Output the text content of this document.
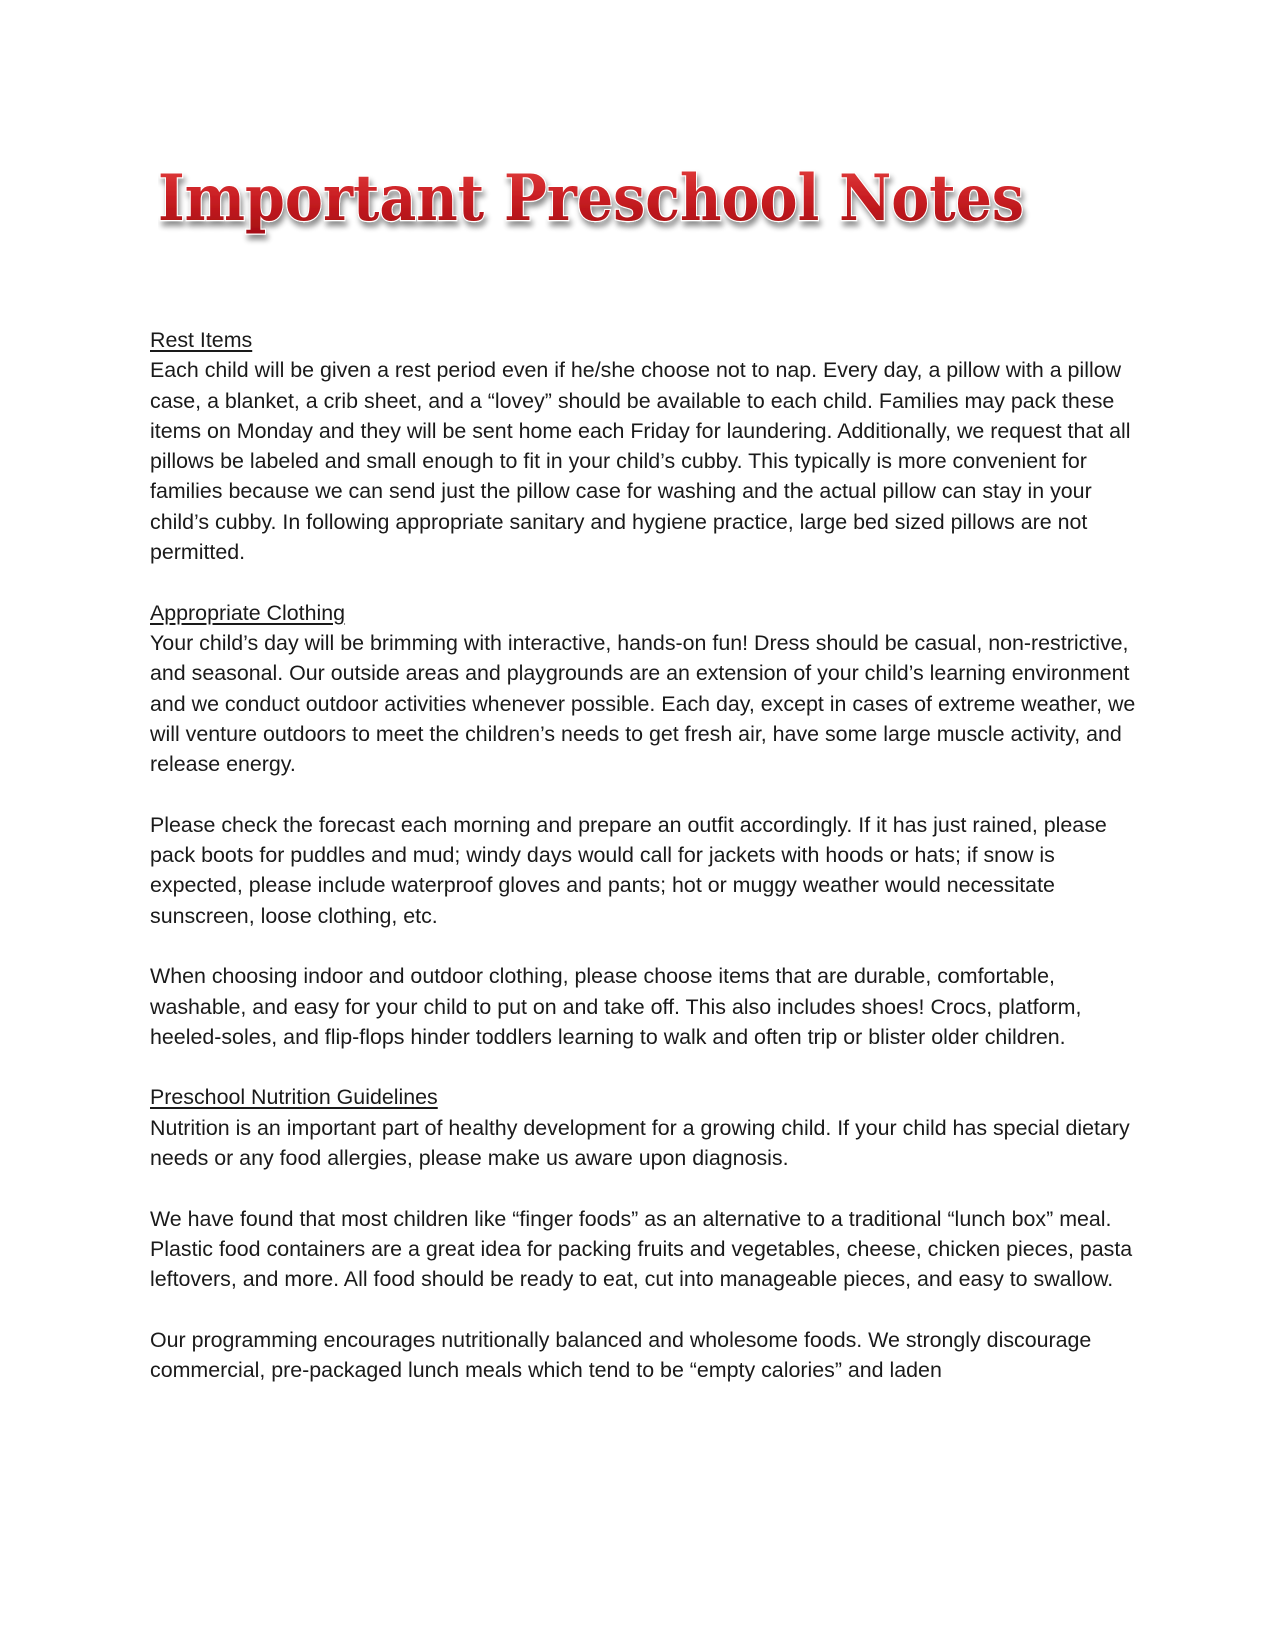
Important Preschool Notes
Rest Items

Each child will be given a rest period even if he/she choose not to nap. Every day, a pillow with a pillow case, a blanket, a crib sheet, and a “lovey” should be available to each child. Families may pack these items on Monday and they will be sent home each Friday for laundering. Additionally, we request that all pillows be labeled and small enough to fit in your child’s cubby. This typically is more convenient for families because we can send just the pillow case for washing and the actual pillow can stay in your child’s cubby. In following appropriate sanitary and hygiene practice, large bed sized pillows are not permitted.

Appropriate Clothing

Your child’s day will be brimming with interactive, hands-on fun! Dress should be casual, non-restrictive, and seasonal. Our outside areas and playgrounds are an extension of your child’s learning environment and we conduct outdoor activities whenever possible. Each day, except in cases of extreme weather, we will venture outdoors to meet the children’s needs to get fresh air, have some large muscle activity, and release energy.

Please check the forecast each morning and prepare an outfit accordingly. If it has just rained, please pack boots for puddles and mud; windy days would call for jackets with hoods or hats; if snow is expected, please include waterproof gloves and pants; hot or muggy weather would necessitate sunscreen, loose clothing, etc.

When choosing indoor and outdoor clothing, please choose items that are durable, comfortable, washable, and easy for your child to put on and take off. This also includes shoes! Crocs, platform, heeled-soles, and flip-flops hinder toddlers learning to walk and often trip or blister older children.

Preschool Nutrition Guidelines

Nutrition is an important part of healthy development for a growing child. If your child has special dietary needs or any food allergies, please make us aware upon diagnosis.

We have found that most children like “finger foods” as an alternative to a traditional “lunch box” meal. Plastic food containers are a great idea for packing fruits and vegetables, cheese, chicken pieces, pasta leftovers, and more. All food should be ready to eat, cut into manageable pieces, and easy to swallow.

Our programming encourages nutritionally balanced and wholesome foods. We strongly discourage commercial, pre-packaged lunch meals which tend to be “empty calories” and laden
